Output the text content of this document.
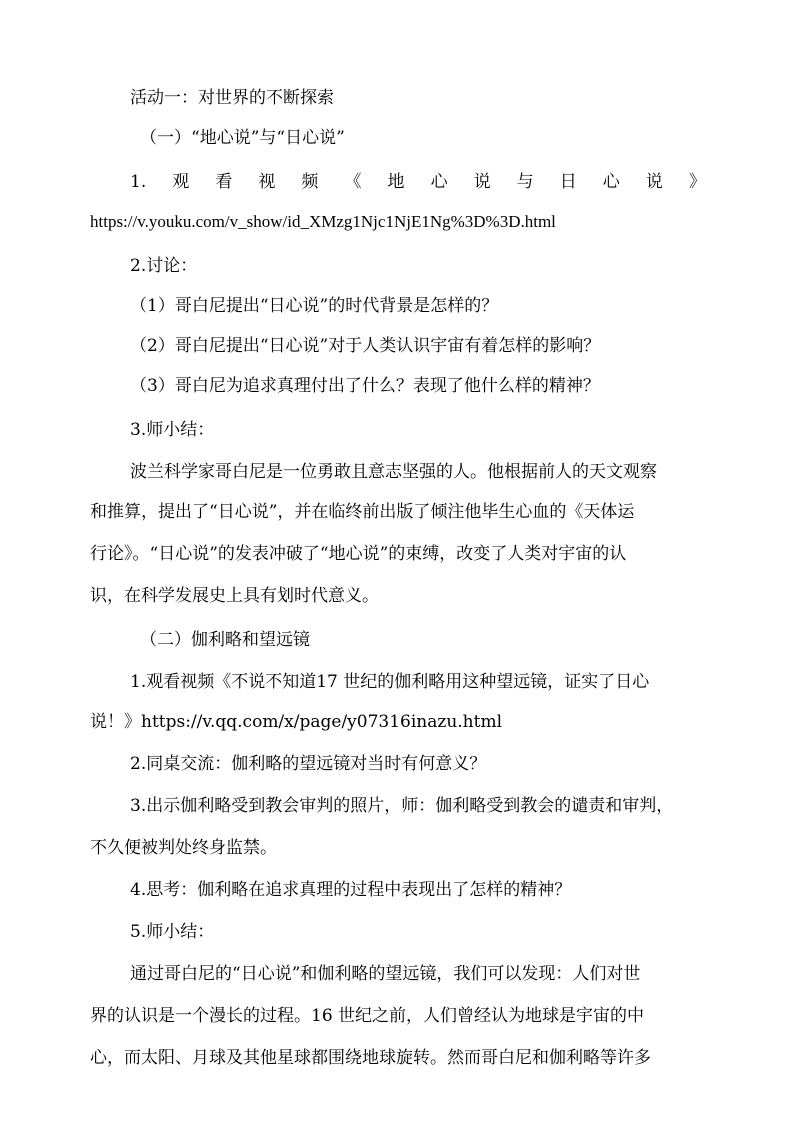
活动一：对世界的不断探索
（一）“地心说”与“日心说”
1. 观 看 视 频 《 地 心 说 与 日 心 说 》
https://v.youku.com/v_show/id_XMzg1Njc1NjE1Ng%3D%3D.html
2.讨论：
（1）哥白尼提出“日心说”的时代背景是怎样的？
（2）哥白尼提出“日心说”对于人类认识宇宙有着怎样的影响？
（3）哥白尼为追求真理付出了什么？表现了他什么样的精神？
3.师小结：
波兰科学家哥白尼是一位勇敢且意志坚强的人。他根据前人的天文观察
和推算，提出了“日心说”，并在临终前出版了倾注他毕生心血的《天体运
行论》。“日心说”的发表冲破了“地心说”的束缚，改变了人类对宇宙的认
识，在科学发展史上具有划时代意义。
（二）伽利略和望远镜
1.观看视频《不说不知道17 世纪的伽利略用这种望远镜，证实了日心
说！》https://v.qq.com/x/page/y07316inazu.html
2.同桌交流：伽利略的望远镜对当时有何意义？
3.出示伽利略受到教会审判的照片，师：伽利略受到教会的谴责和审判，
不久便被判处终身监禁。
4.思考：伽利略在追求真理的过程中表现出了怎样的精神？
5.师小结：
通过哥白尼的“日心说”和伽利略的望远镜，我们可以发现：人们对世
界的认识是一个漫长的过程。16 世纪之前，人们曾经认为地球是宇宙的中
心，而太阳、月球及其他星球都围绕地球旋转。然而哥白尼和伽利略等许多
